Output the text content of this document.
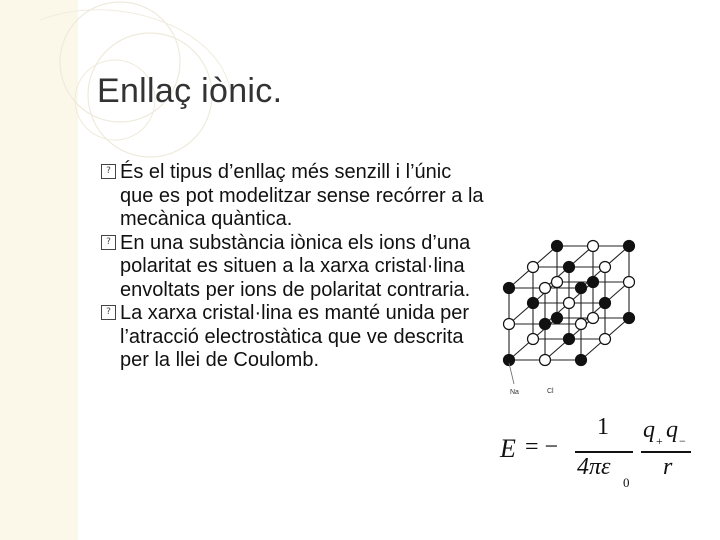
Enllaç iònic.
? És el tipus d’enllaç més senzill i l’únic que es pot modelitzar sense recórrer a la mecànica quàntica.
? En una substància iònica els ions d’una polaritat es situen a la xarxa cristal·lina envoltats per ions de polaritat contraria.
? La xarxa cristal·lina es manté unida per l’atracció electrostàtica que ve descrita per la llei de Coulomb.
Na	Cl
E = −
1
4πε
0
q + q −
r
